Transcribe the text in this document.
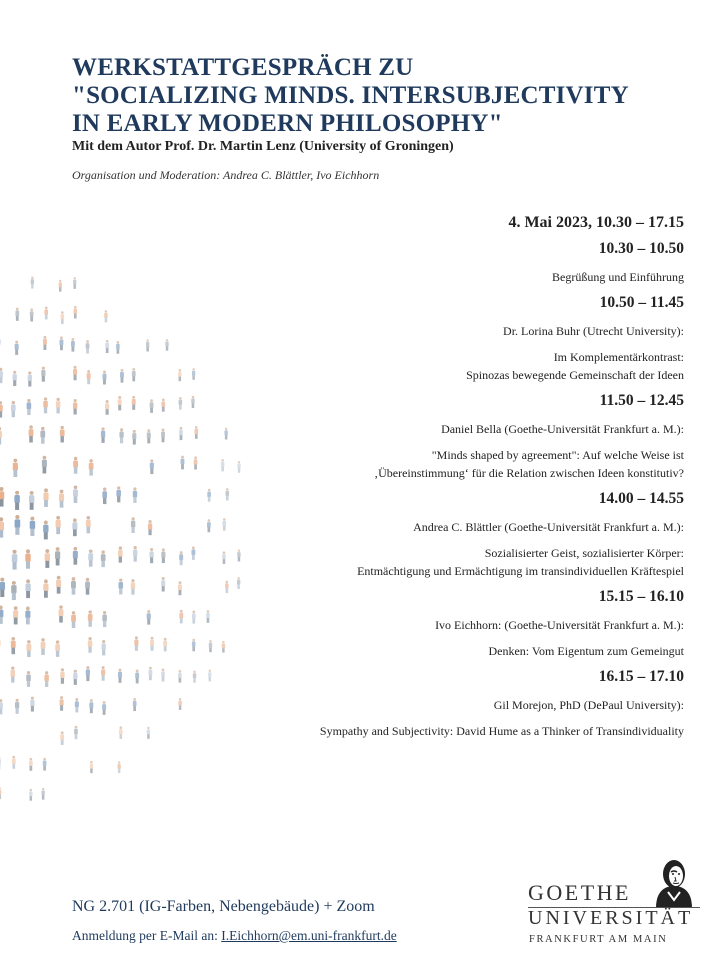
WERKSTATTGESPRÄCH ZU
"SOCIALIZING MINDS. INTERSUBJECTIVITY
IN EARLY MODERN PHILOSOPHY"
Mit dem Autor Prof. Dr. Martin Lenz (University of Groningen)
Organisation und Moderation: Andrea C. Blättler, Ivo Eichhorn
4. Mai 2023, 10.30 – 17.15
10.30 – 10.50
Begrüßung und Einführung
10.50 – 11.45
Dr. Lorina Buhr (Utrecht University):
Im Komplementärkontrast:
Spinozas bewegende Gemeinschaft der Ideen
11.50 – 12.45
Daniel Bella (Goethe-Universität Frankfurt a. M.):
"Minds shaped by agreement": Auf welche Weise ist
‚Übereinstimmung‘ für die Relation zwischen Ideen konstitutiv?
14.00 – 14.55
Andrea C. Blättler (Goethe-Universität Frankfurt a. M.):
Sozialisierter Geist, sozialisierter Körper:
Entmächtigung und Ermächtigung im transindividuellen Kräftespiel
15.15 – 16.10
Ivo Eichhorn: (Goethe-Universität Frankfurt a. M.):
Denken: Vom Eigentum zum Gemeingut
16.15 – 17.10
Gil Morejon, PhD (DePaul University):
Sympathy and Subjectivity: David Hume as a Thinker of Transindividuality
NG 2.701 (IG-Farben, Nebengebäude) + Zoom
Anmeldung per E-Mail an: I.Eichhorn@em.uni-frankfurt.de
GOETHE
UNIVERSITÄT
FRANKFURT AM MAIN
